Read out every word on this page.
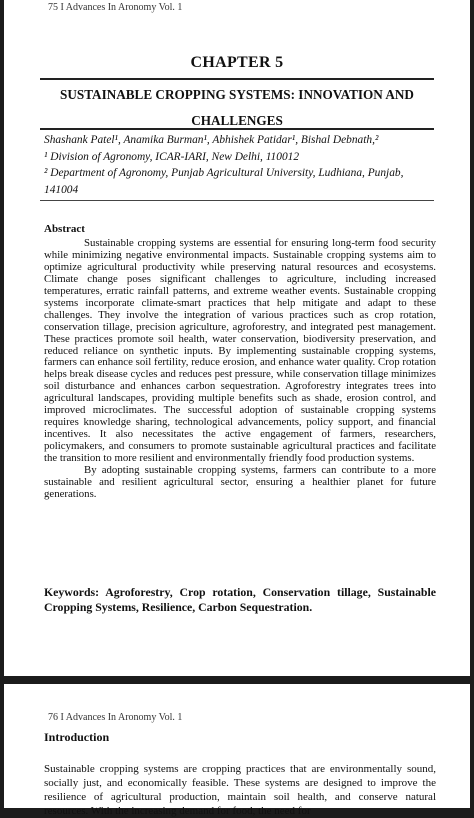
75 I Advances In Aronomy Vol. 1
CHAPTER 5
SUSTAINABLE CROPPING SYSTEMS: INNOVATION AND CHALLENGES

Shashank Patel¹, Anamika Burman¹, Abhishek Patidar¹, Bishal Debnath,²

¹ Division of Agronomy, ICAR-IARI, New Delhi, 110012

² Department of Agronomy, Punjab Agricultural University, Ludhiana, Punjab, 141004

Abstract

Sustainable cropping systems are essential for ensuring long-term food security while minimizing negative environmental impacts. Sustainable cropping systems aim to optimize agricultural productivity while preserving natural resources and ecosystems. Climate change poses significant challenges to agriculture, including increased temperatures, erratic rainfall patterns, and extreme weather events. Sustainable cropping systems incorporate climate-smart practices that help mitigate and adapt to these challenges. They involve the integration of various practices such as crop rotation, conservation tillage, precision agriculture, agroforestry, and integrated pest management. These practices promote soil health, water conservation, biodiversity preservation, and reduced reliance on synthetic inputs. By implementing sustainable cropping systems, farmers can enhance soil fertility, reduce erosion, and enhance water quality. Crop rotation helps break disease cycles and reduces pest pressure, while conservation tillage minimizes soil disturbance and enhances carbon sequestration. Agroforestry integrates trees into agricultural landscapes, providing multiple benefits such as shade, erosion control, and improved microclimates. The successful adoption of sustainable cropping systems requires knowledge sharing, technological advancements, policy support, and financial incentives. It also necessitates the active engagement of farmers, researchers, policymakers, and consumers to promote sustainable agricultural practices and facilitate the transition to more resilient and environmentally friendly food production systems.

By adopting sustainable cropping systems, farmers can contribute to a more sustainable and resilient agricultural sector, ensuring a healthier planet for future generations.

Keywords: Agroforestry, Crop rotation, Conservation tillage, Sustainable Cropping Systems, Resilience, Carbon Sequestration.
76 I Advances In Aronomy Vol. 1
Introduction

Sustainable cropping systems are cropping practices that are environmentally sound, socially just, and economically feasible. These systems are designed to improve the resilience of agricultural production, maintain soil health, and conserve natural resources. With the increasing demand for food, the need for
